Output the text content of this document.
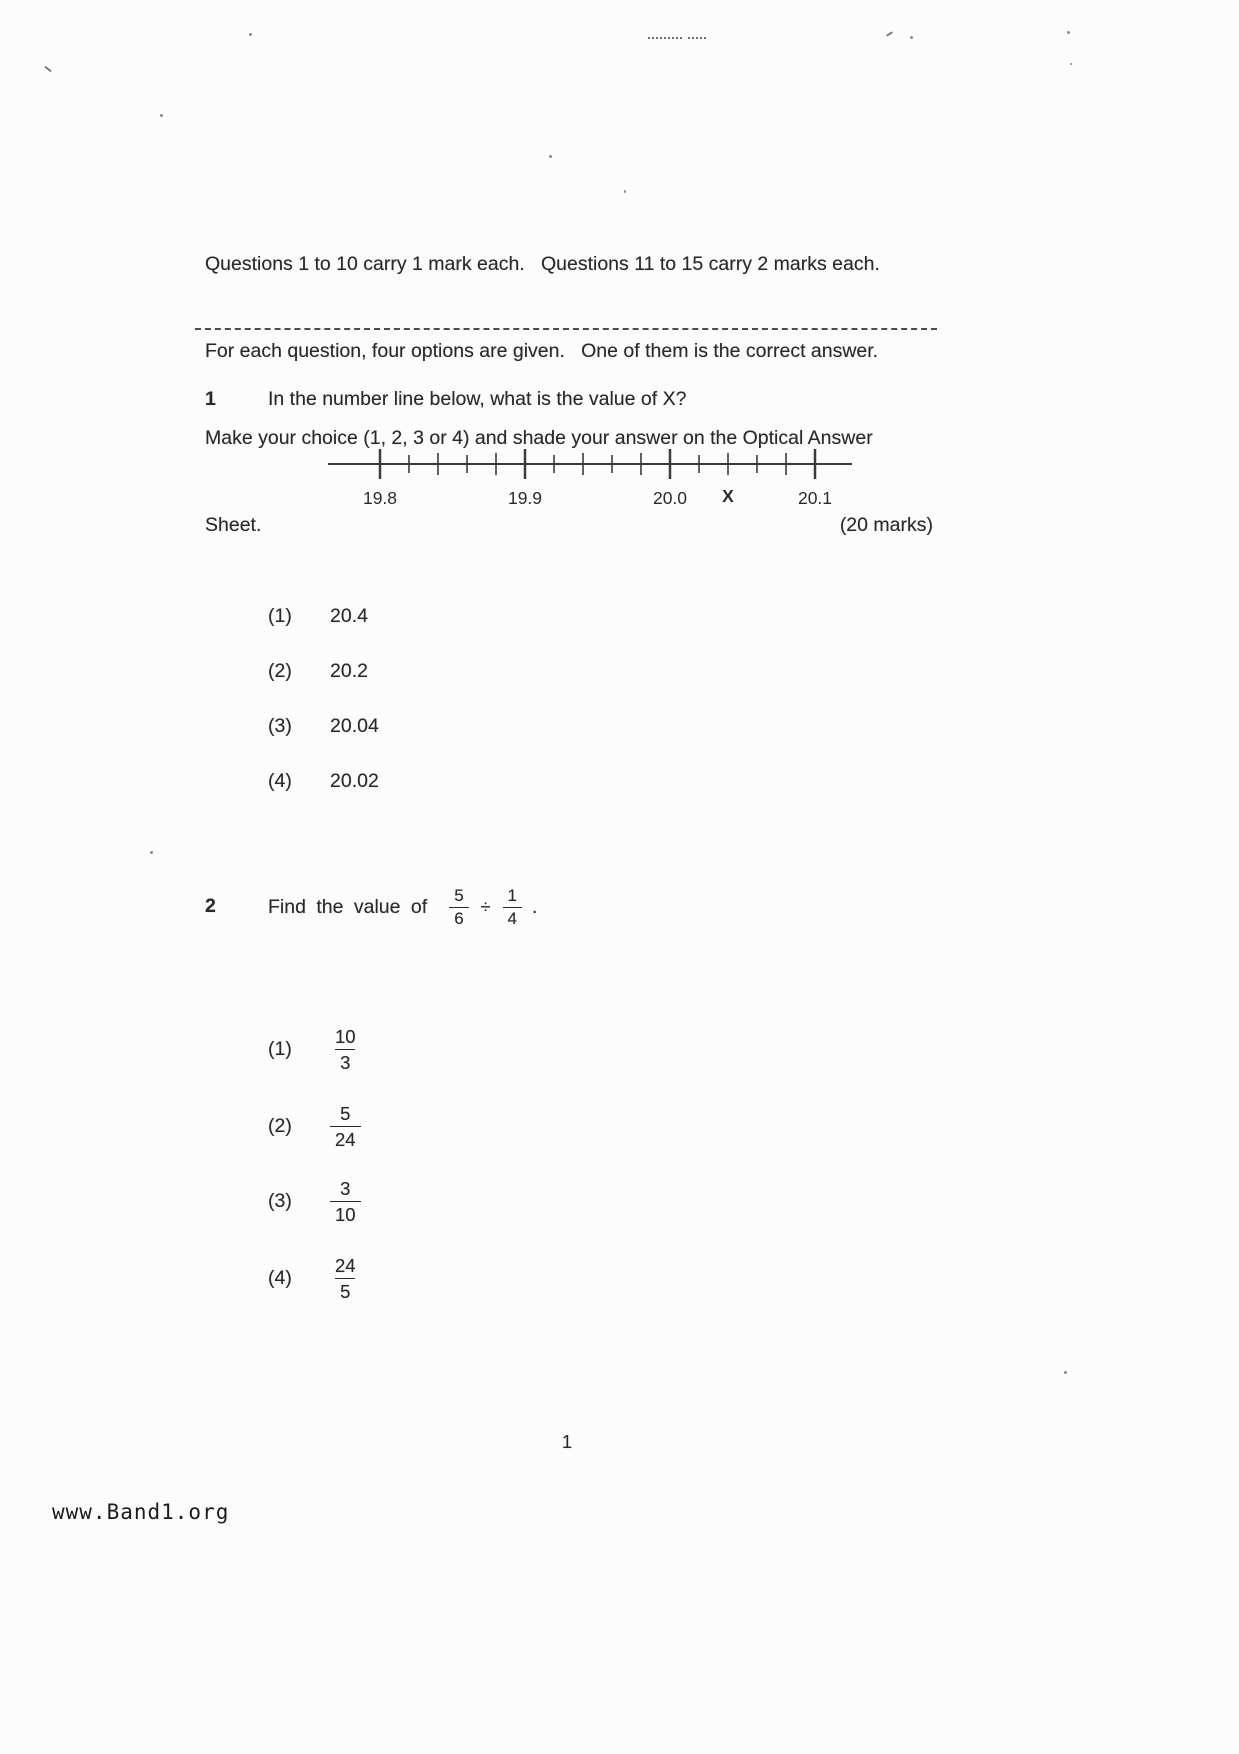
Questions 1 to 10 carry 1 mark each.   Questions 11 to 15 carry 2 marks each.

For each question, four options are given.   One of them is the correct answer.

Make your choice (1, 2, 3 or 4) and shade your answer on the Optical Answer

Sheet.	(20 marks)

1	In the number line below, what is the value of X?
19.8	19.9	20.0 X	20.1
(1)	20.4
(2)	20.2
(3)	20.04
(4)	20.02
2	Find the value of $\frac{5}{6} \div \frac{1}{4}$ .
(1)	$\frac{10}{3}$
(2)	$\frac{5}{24}$
(3)	$\frac{3}{10}$
(4)	$\frac{24}{5}$
1
www.Band1.org
